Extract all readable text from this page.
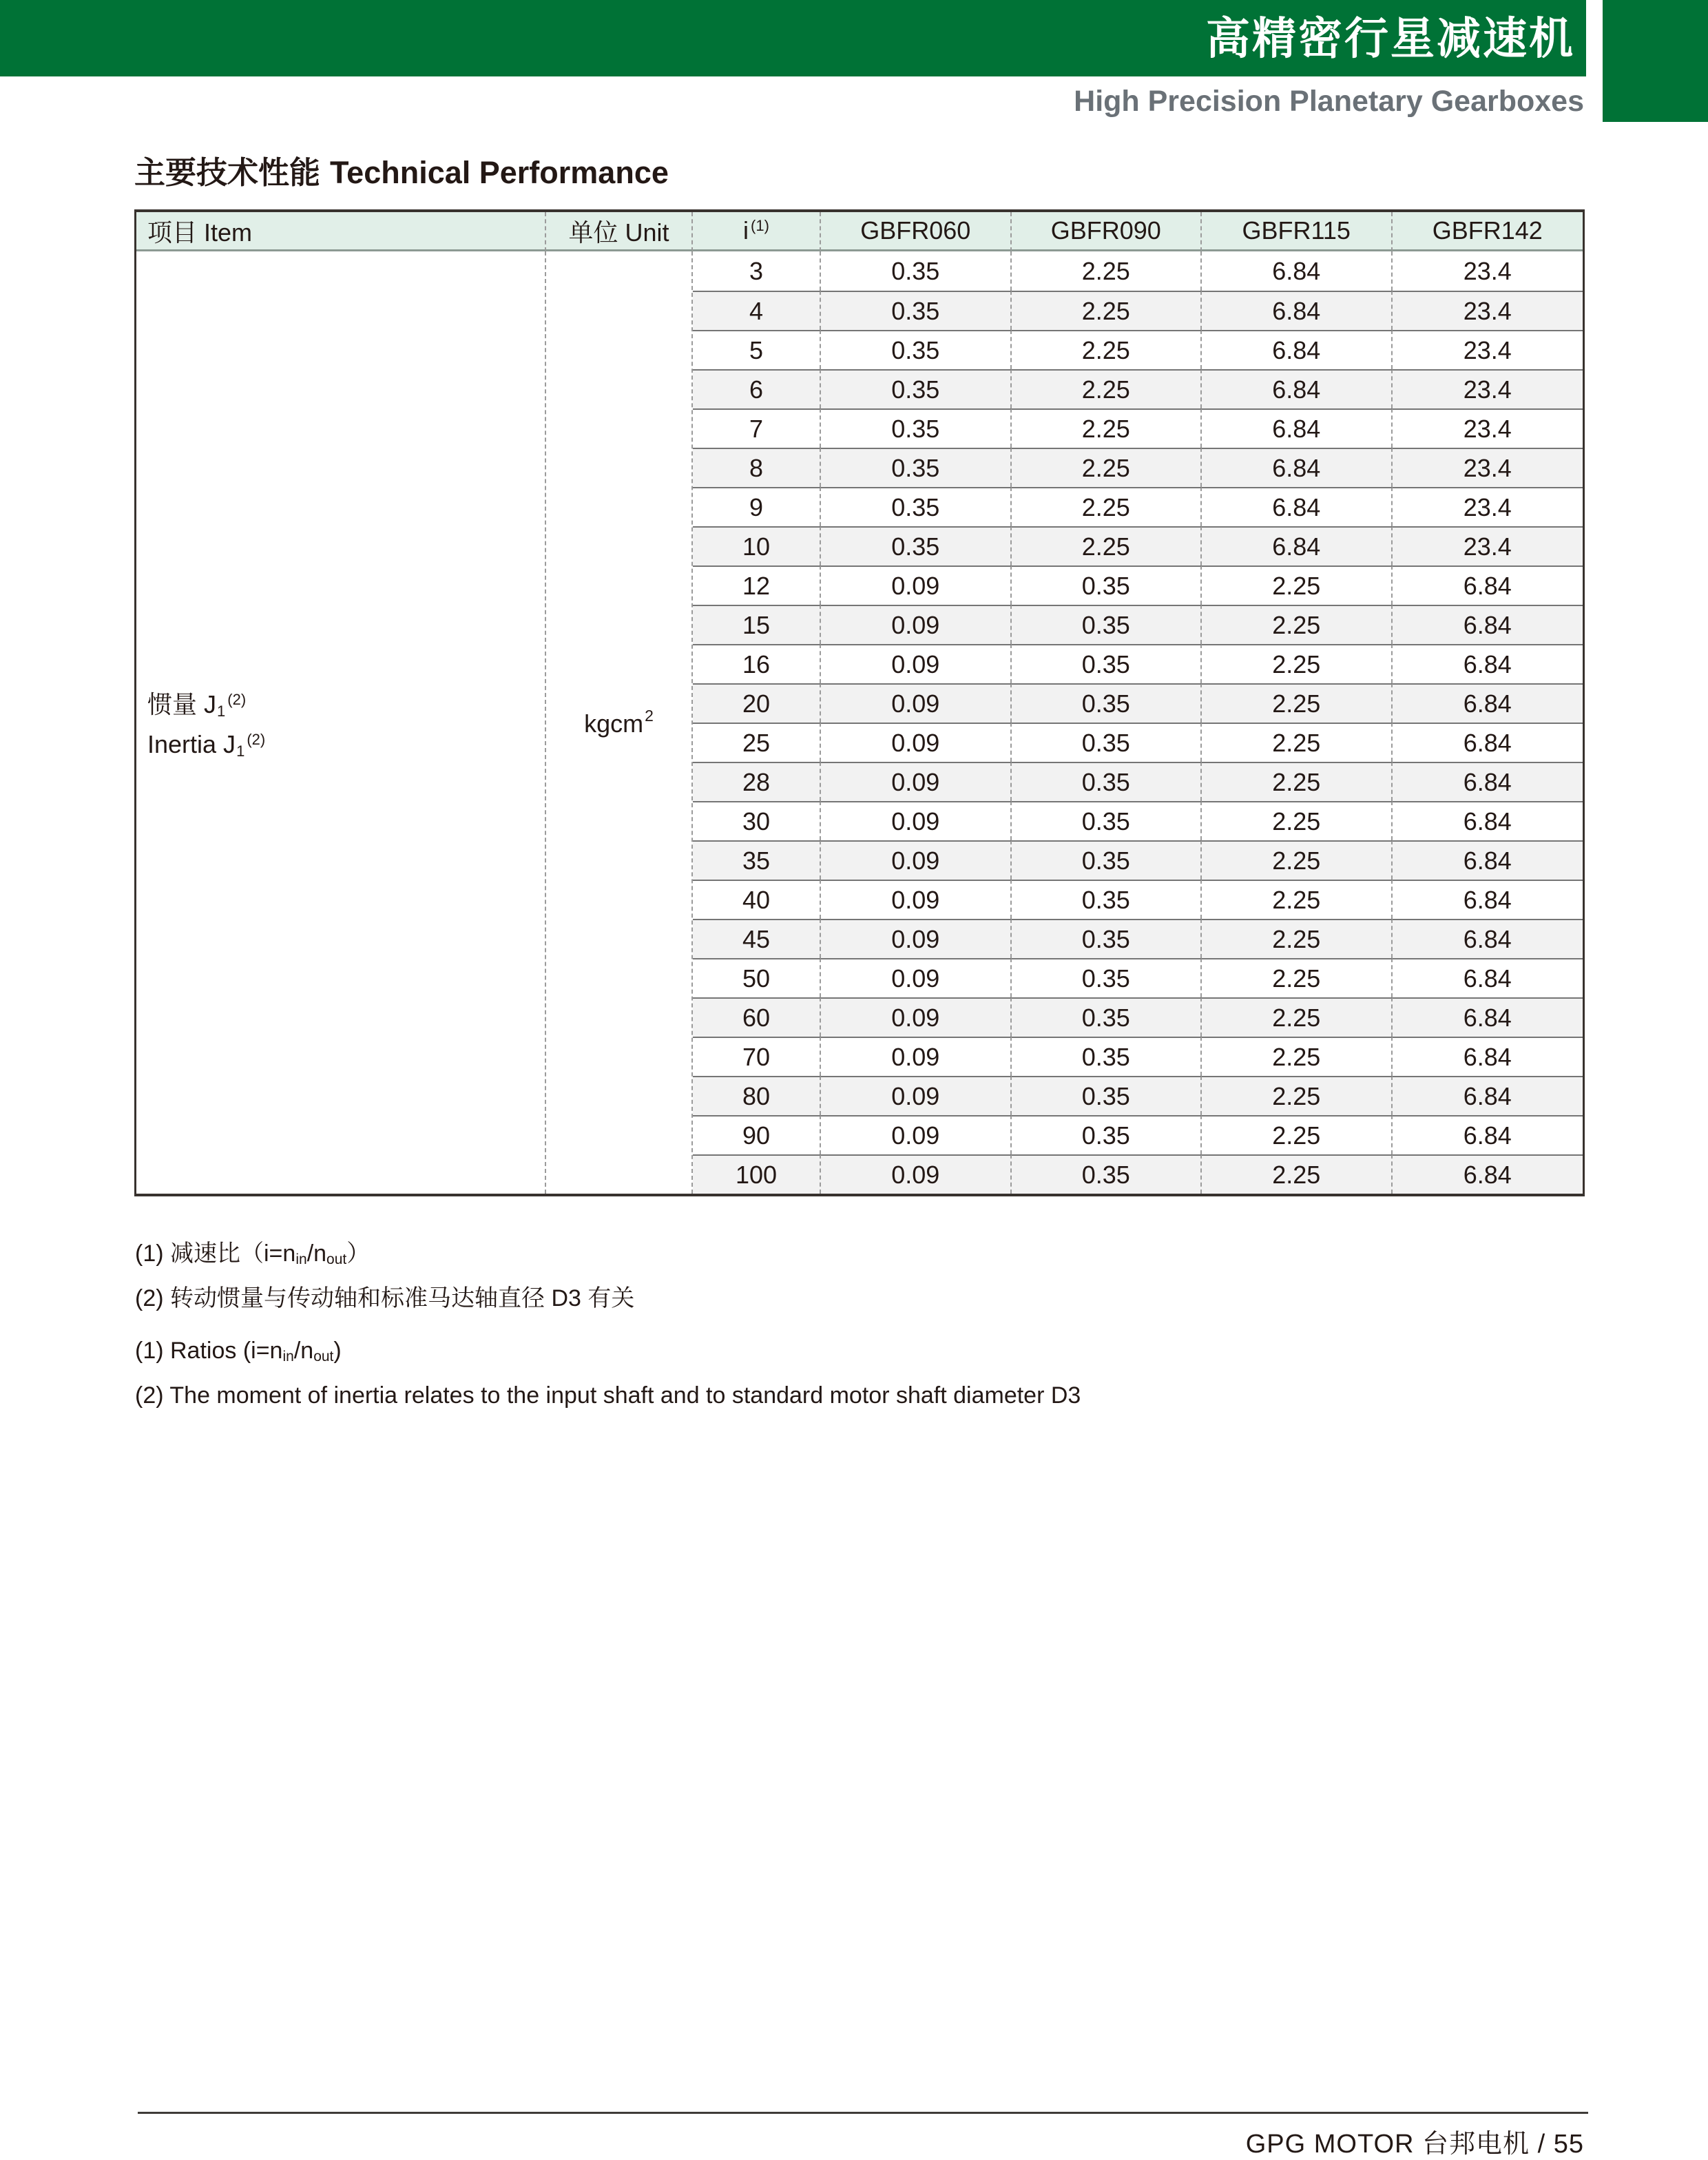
高精密行星减速机
High Precision Planetary Gearboxes
主要技术性能 Technical Performance
项目 Item	单位 Unit	i $^{(1)}$	GBFR060	GBFR090	GBFR115	GBFR142
惯量 $J_1^{(2)}$
Inertia $J_1^{(2)}$
kgcm$^2$
3	0.35	2.25	6.84	23.4
4	0.35	2.25	6.84	23.4
5	0.35	2.25	6.84	23.4
6	0.35	2.25	6.84	23.4
7	0.35	2.25	6.84	23.4
8	0.35	2.25	6.84	23.4
9	0.35	2.25	6.84	23.4
10	0.35	2.25	6.84	23.4
12	0.09	0.35	2.25	6.84
15	0.09	0.35	2.25	6.84
16	0.09	0.35	2.25	6.84
20	0.09	0.35	2.25	6.84
25	0.09	0.35	2.25	6.84
28	0.09	0.35	2.25	6.84
30	0.09	0.35	2.25	6.84
35	0.09	0.35	2.25	6.84
40	0.09	0.35	2.25	6.84
45	0.09	0.35	2.25	6.84
50	0.09	0.35	2.25	6.84
60	0.09	0.35	2.25	6.84
70	0.09	0.35	2.25	6.84
80	0.09	0.35	2.25	6.84
90	0.09	0.35	2.25	6.84
100	0.09	0.35	2.25	6.84

(1) 减速比（i=nin/nout）

(2) 转动惯量与传动轴和标准马达轴直径 D3 有关

(1) Ratios (i=nin/nout)

(2) The moment of inertia relates to the input shaft and to standard motor shaft diameter D3

GPG MOTOR 台邦电机 / 55
